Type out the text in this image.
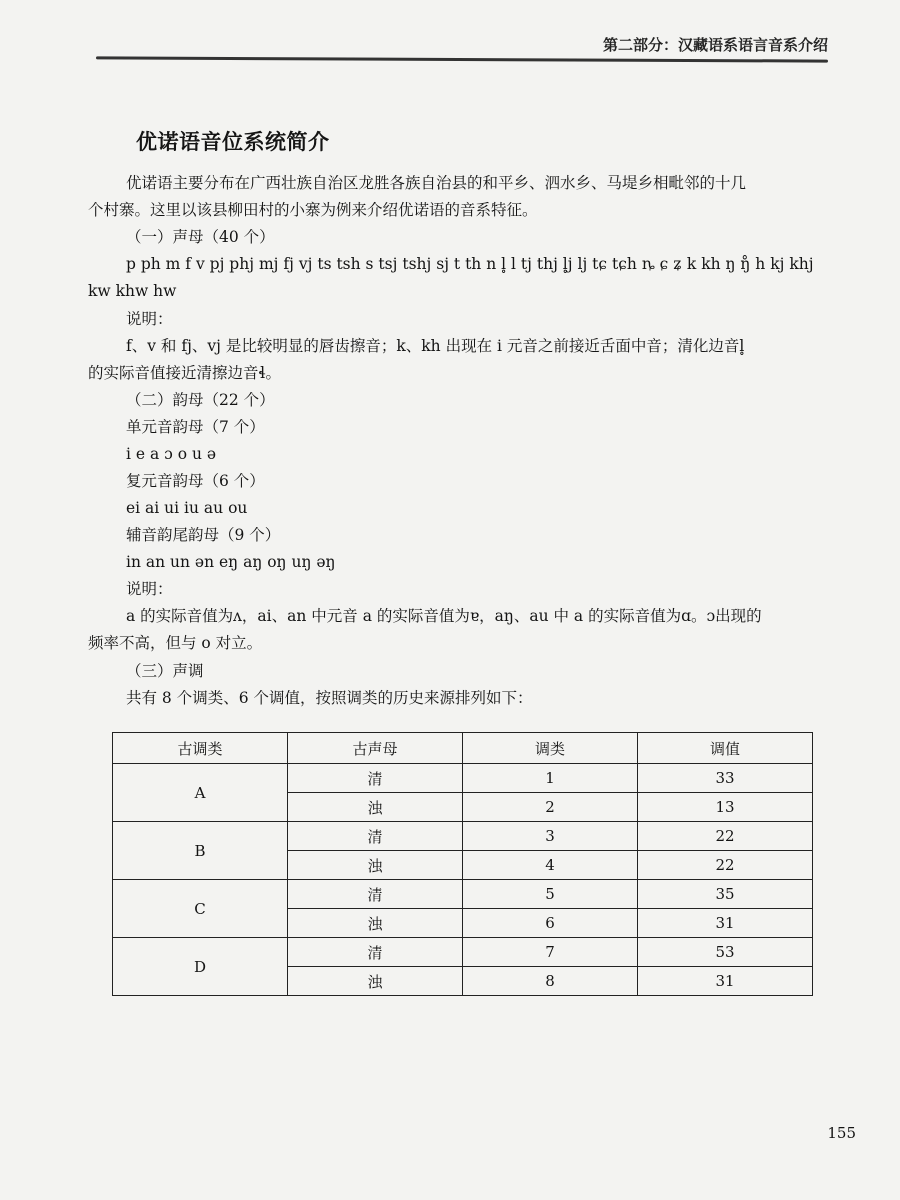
第二部分：汉藏语系语言音系介绍
优诺语音位系统简介
优诺语主要分布在广西壮族自治区龙胜各族自治县的和平乡、泗水乡、马堤乡相毗邻的十几
个村寨。这里以该县柳田村的小寨为例来介绍优诺语的音系特征。
（一）声母（40 个）
p ph m f v pj phj mj fj vj ts tsh s tsj tshj sj t th n l̥ l tj thj l̥j lj tɕ tɕh ȵ ɕ ʑ k kh ŋ ŋ̊ h kj khj
kw khw hw
说明：
f、v 和 fj、vj 是比较明显的唇齿擦音；k、kh 出现在 i 元音之前接近舌面中音；清化边音l̥
的实际音值接近清擦边音ɬ。
（二）韵母（22 个）
单元音韵母（7 个）
i e a ɔ o u ə
复元音韵母（6 个）
ei ai ui iu au ou
辅音韵尾韵母（9 个）
in an un ən eŋ aŋ oŋ uŋ əŋ
说明：
a 的实际音值为ʌ，ai、an 中元音 a 的实际音值为ɐ，aŋ、au 中 a 的实际音值为ɑ。ɔ出现的
频率不高，但与 o 对立。
（三）声调
共有 8 个调类、6 个调值，按照调类的历史来源排列如下：
古调类	古声母	调类	调值
A	清	1	33
	浊	2	13
B	清	3	22
	浊	4	22
C	清	5	35
	浊	6	31
D	清	7	53
	浊	8	31
155
